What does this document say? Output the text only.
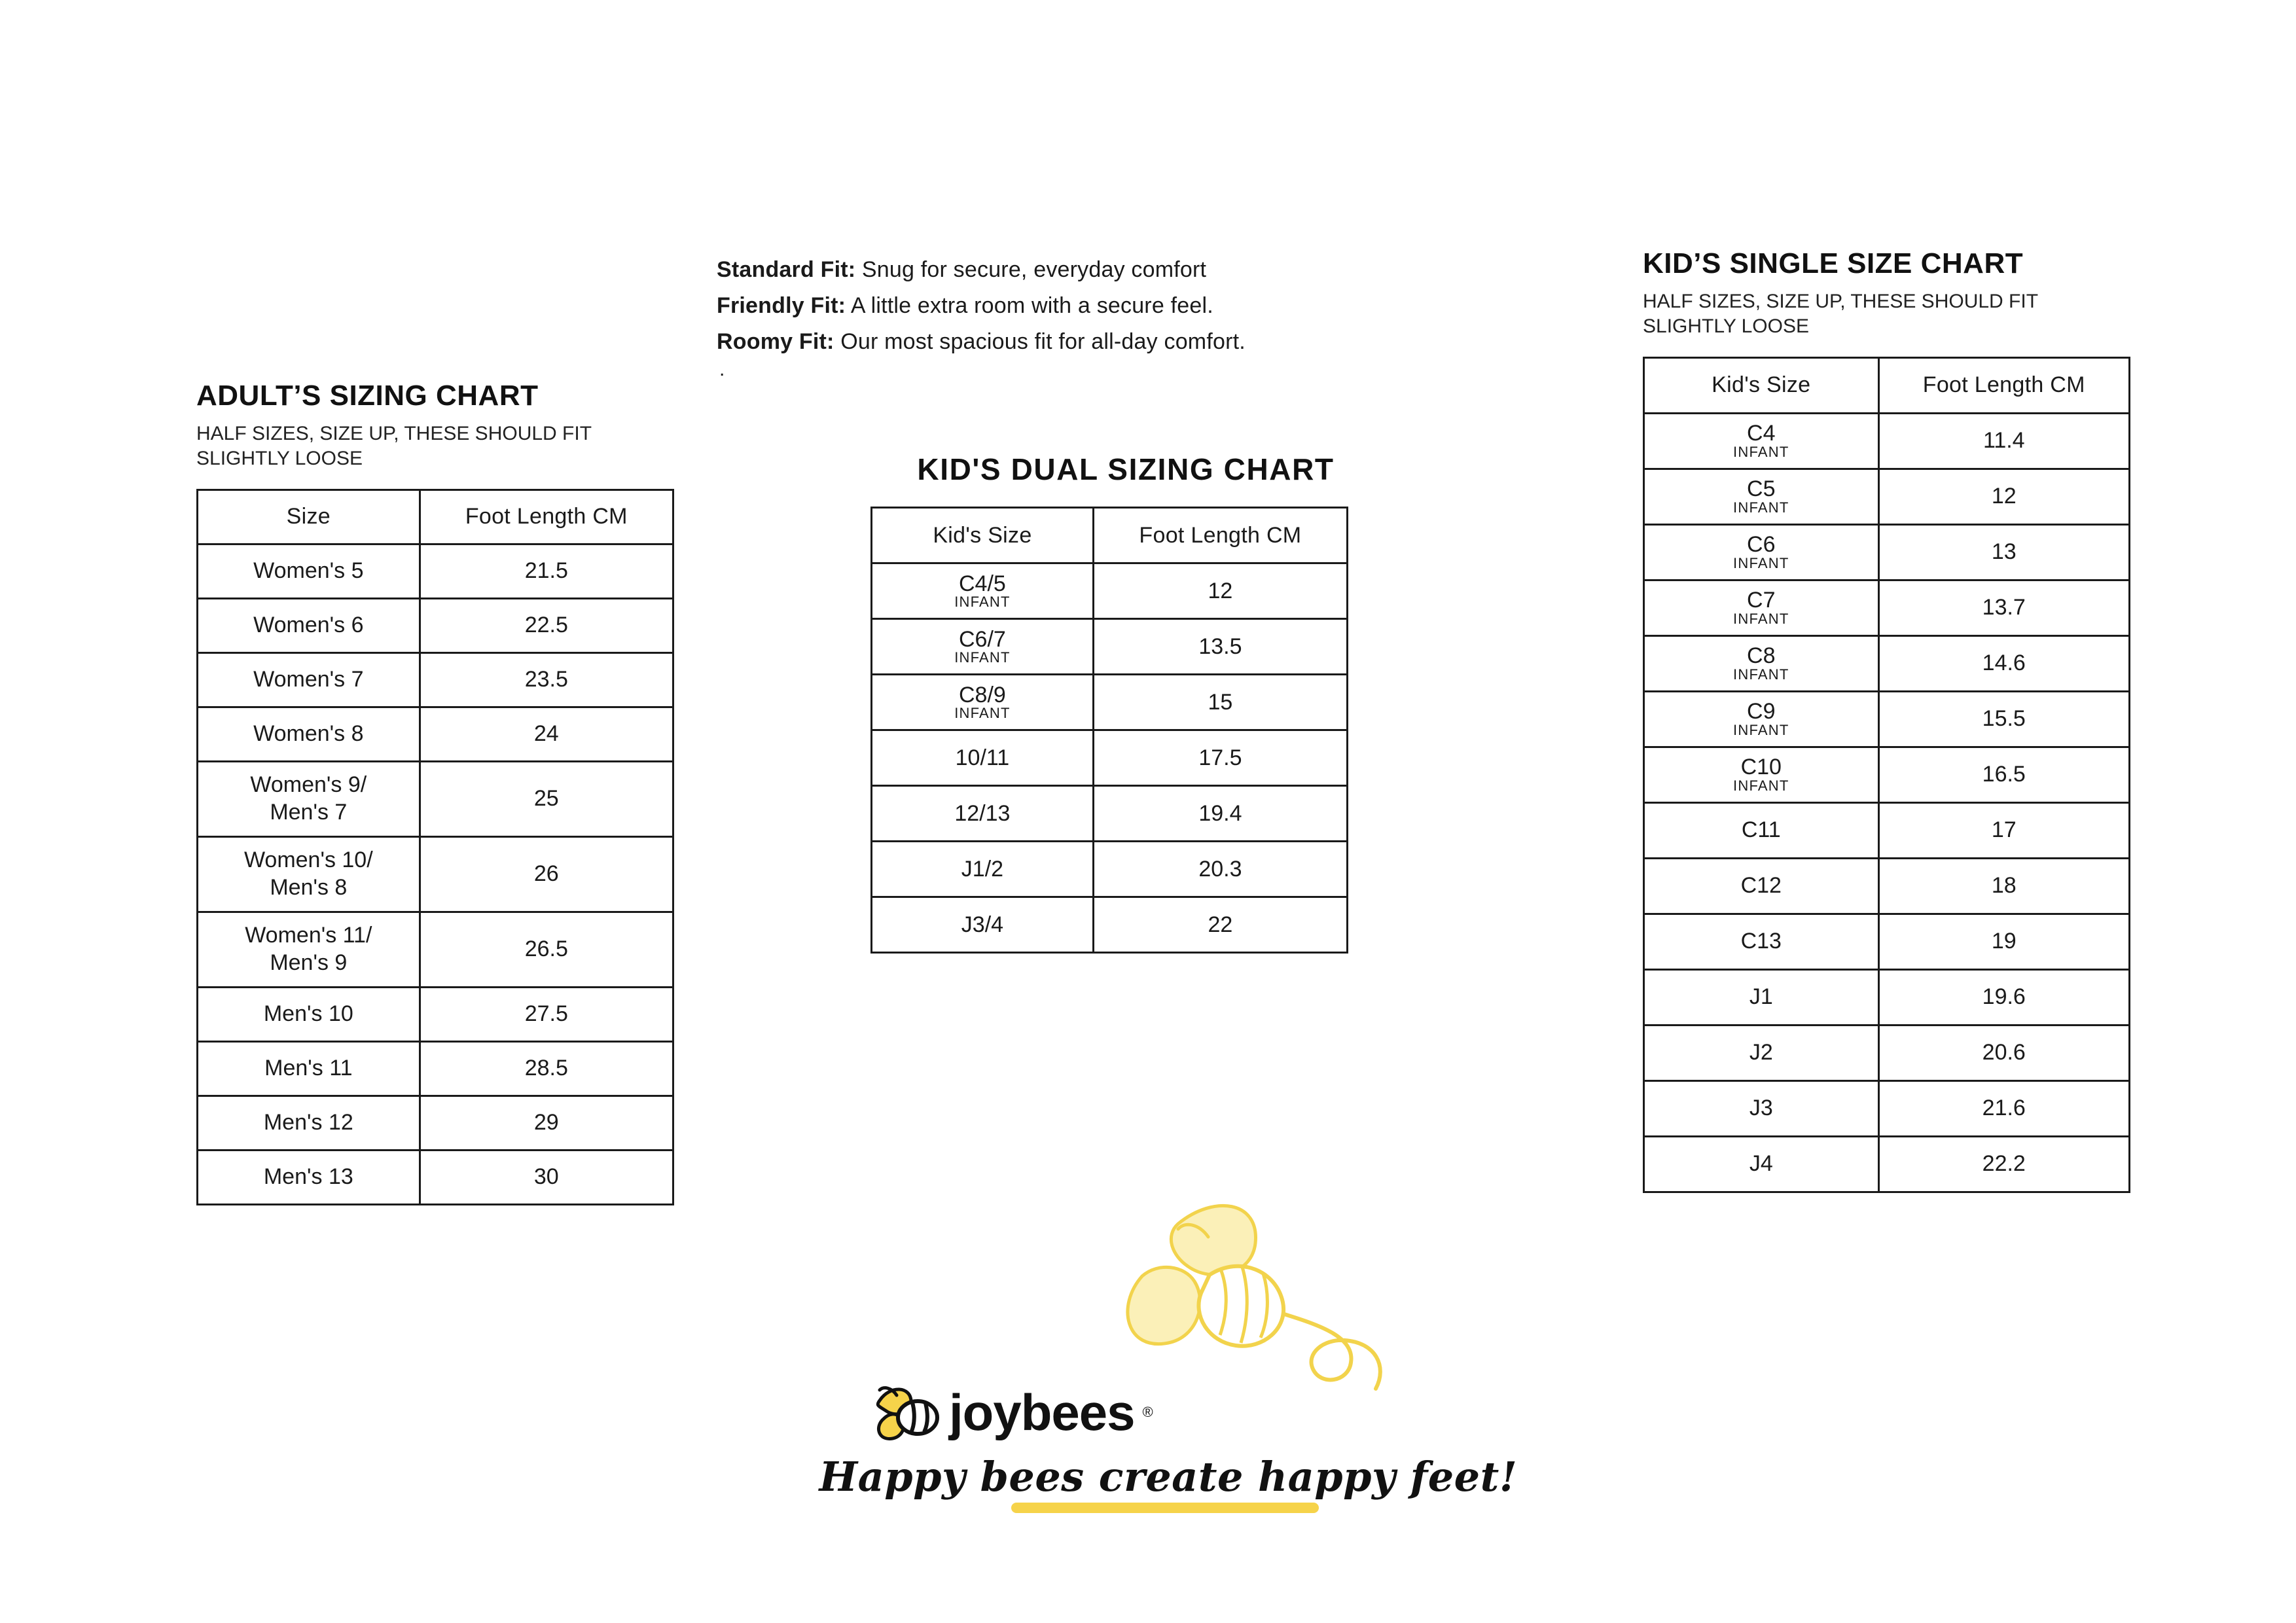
Standard Fit: Snug for secure, everyday comfort
Friendly Fit: A little extra room with a secure feel.
Roomy Fit: Our most spacious fit for all-day comfort.
.
ADULT’S SIZING CHART

HALF SIZES, SIZE UP, THESE SHOULD FIT SLIGHTLY LOOSE

Size	Foot Length CM
Women's 5	21.5
Women's 6	22.5
Women's 7	23.5
Women's 8	24
Women's 9/
Men's 7	25
Women's 10/
Men's 8	26
Women's 11/
Men's 9	26.5
Men's 10	27.5
Men's 11	28.5
Men's 12	29
Men's 13	30
KID'S DUAL SIZING CHART
Kid's Size	Foot Length CM
C4/5
INFANT	12
C6/7
INFANT	13.5
C8/9
INFANT	15
10/11	17.5
12/13	19.4
J1/2	20.3
J3/4	22
KID’S SINGLE SIZE CHART

HALF SIZES, SIZE UP, THESE SHOULD FIT SLIGHTLY LOOSE

Kid's Size	Foot Length CM
C4
INFANT	11.4
C5
INFANT	12
C6
INFANT	13
C7
INFANT	13.7
C8
INFANT	14.6
C9
INFANT	15.5
C10
INFANT	16.5
C11	17
C12	18
C13	19
J1	19.6
J2	20.6
J3	21.6
J4	22.2
joybees ®
Happy bees create happy feet!
